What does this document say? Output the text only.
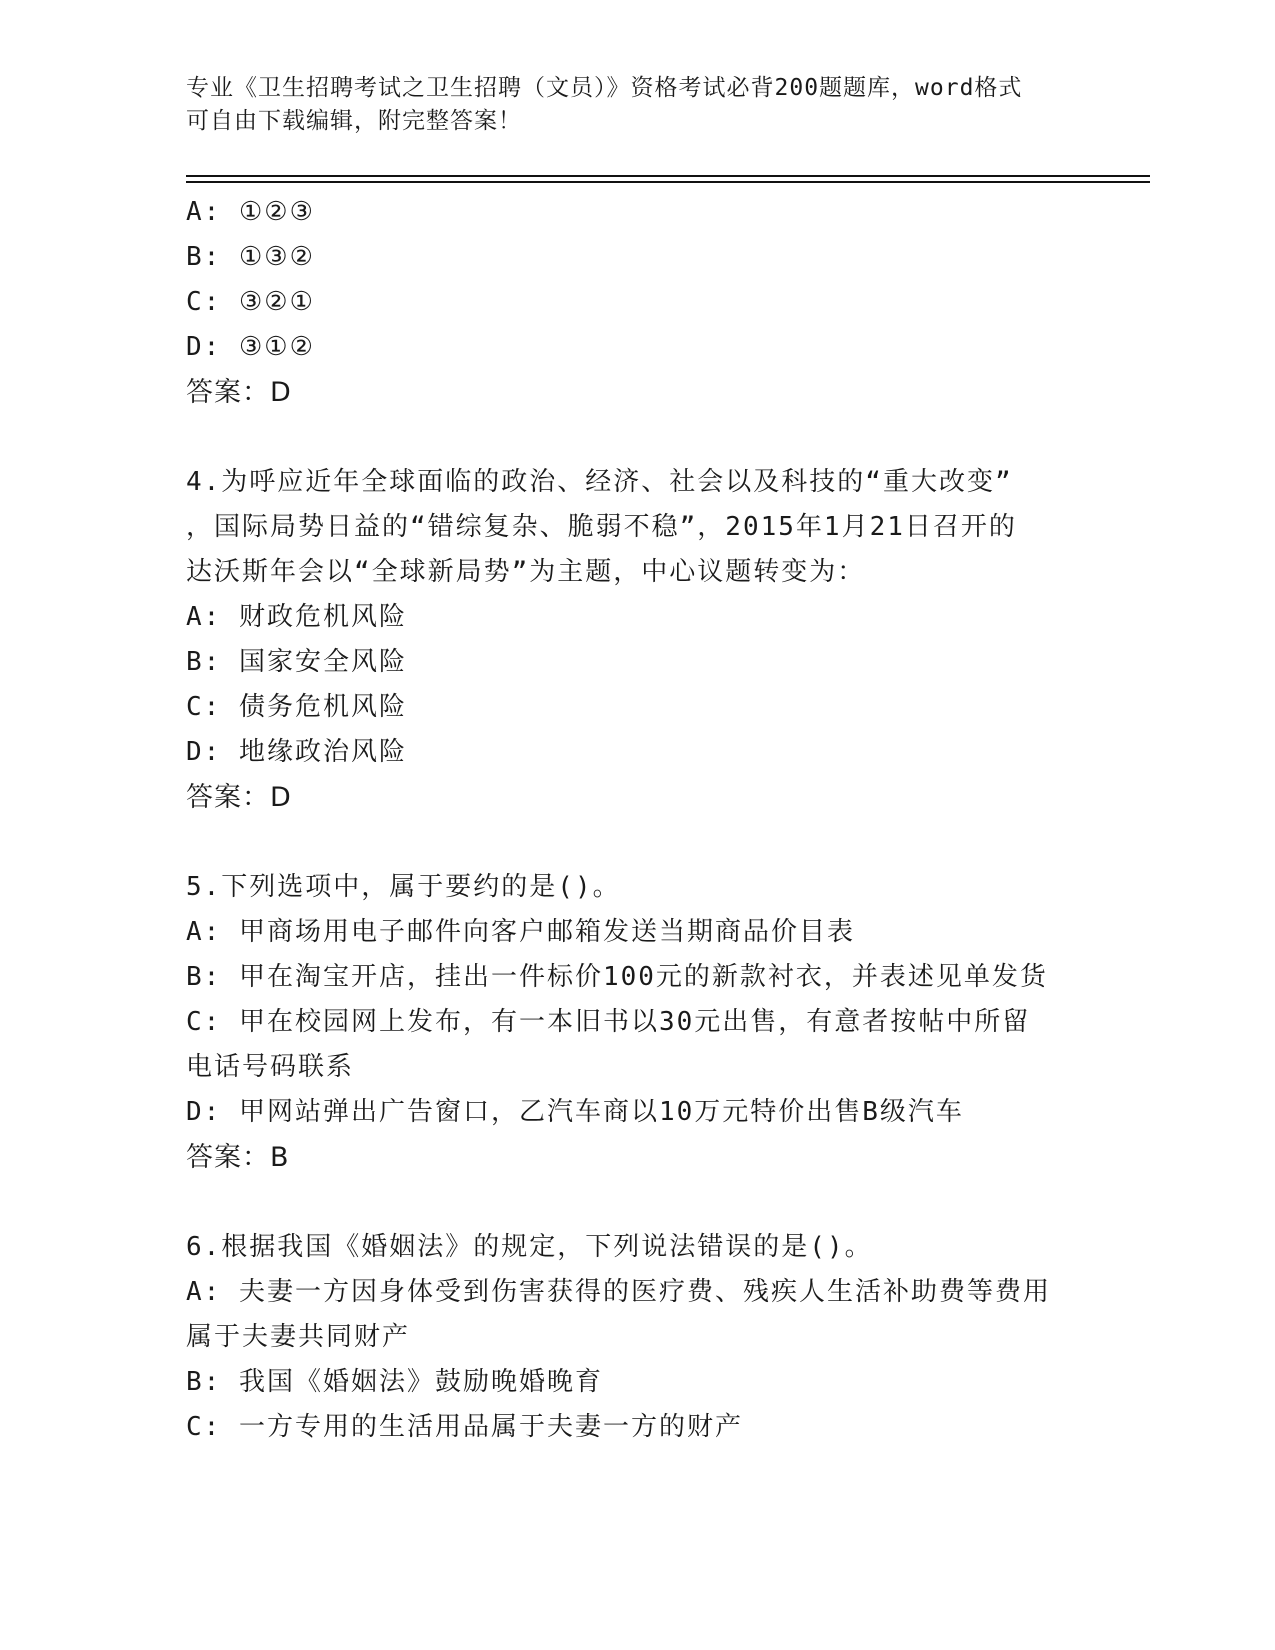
专业《卫生招聘考试之卫生招聘（文员）》资格考试必背200题题库，word格式
可自由下载编辑，附完整答案！
A: ①②③
B: ①③②
C: ③②①
D: ③①②
答案：D
4.为呼应近年全球面临的政治、经济、社会以及科技的“重大改变”
，国际局势日益的“错综复杂、脆弱不稳”，2015年1月21日召开的
达沃斯年会以“全球新局势”为主题，中心议题转变为：
A: 财政危机风险
B: 国家安全风险
C: 债务危机风险
D: 地缘政治风险
答案：D
5.下列选项中，属于要约的是()。
A: 甲商场用电子邮件向客户邮箱发送当期商品价目表
B: 甲在淘宝开店，挂出一件标价100元的新款衬衣，并表述见单发货
C: 甲在校园网上发布，有一本旧书以30元出售，有意者按帖中所留
电话号码联系
D: 甲网站弹出广告窗口，乙汽车商以10万元特价出售B级汽车
答案：B
6.根据我国《婚姻法》的规定，下列说法错误的是()。
A: 夫妻一方因身体受到伤害获得的医疗费、残疾人生活补助费等费用
属于夫妻共同财产
B: 我国《婚姻法》鼓励晚婚晚育
C: 一方专用的生活用品属于夫妻一方的财产
